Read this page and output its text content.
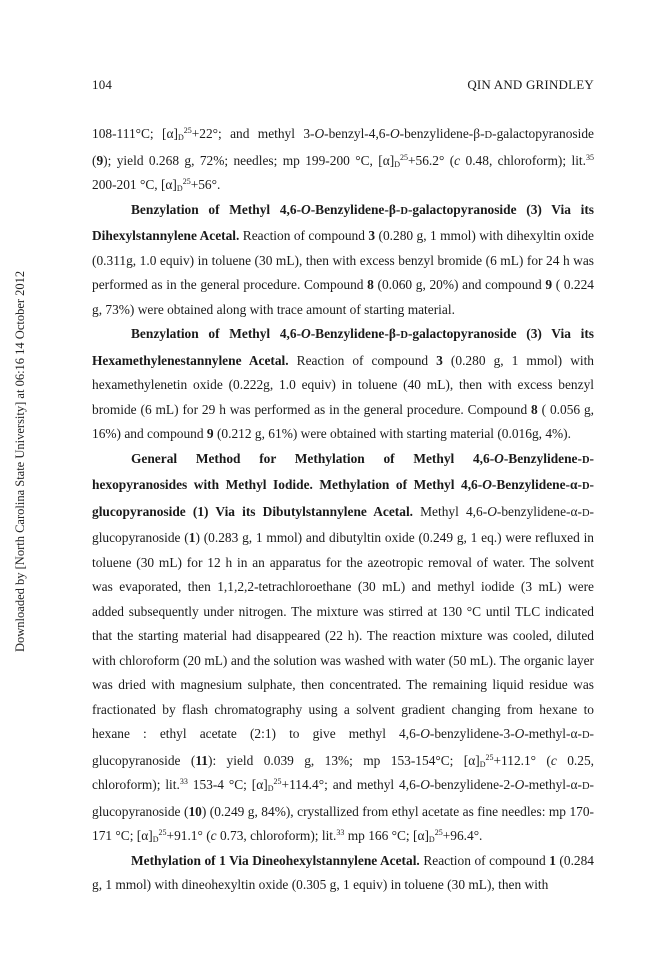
104	QIN AND GRINDLEY
Downloaded by [North Carolina State University] at 06:16 14 October 2012

108-111°C; $[\alpha]_D^{25}+22^\circ$; and methyl 3-O-benzyl-4,6-O-benzylidene-β-D-galactopyranoside (9); yield 0.268 g, 72%; needles; mp 199-200 °C, $[\alpha]_D^{25}+56.2^\circ$ (c 0.48, chloroform); lit.$^{35}$ 200-201 °C, $[\alpha]_D^{25}+56^\circ$.

Benzylation of Methyl 4,6-O-Benzylidene-β-D-galactopyranoside (3) Via its Dihexylstannylene Acetal. Reaction of compound 3 (0.280 g, 1 mmol) with dihexyltin oxide (0.311g, 1.0 equiv) in toluene (30 mL), then with excess benzyl bromide (6 mL) for 24 h was performed as in the general procedure. Compound 8 (0.060 g, 20%) and compound 9 ( 0.224 g, 73%) were obtained along with trace amount of starting material.

Benzylation of Methyl 4,6-O-Benzylidene-β-D-galactopyranoside (3) Via its Hexamethylenestannylene Acetal. Reaction of compound 3 (0.280 g, 1 mmol) with hexamethylenetin oxide (0.222g, 1.0 equiv) in toluene (40 mL), then with excess benzyl bromide (6 mL) for 29 h was performed as in the general procedure. Compound 8 ( 0.056 g, 16%) and compound 9 (0.212 g, 61%) were obtained with starting material (0.016g, 4%).

General Method for Methylation of Methyl 4,6-O-Benzylidene-D-hexopyranosides with Methyl Iodide. Methylation of Methyl 4,6-O-Benzylidene-α-D-glucopyranoside (1) Via its Dibutylstannylene Acetal. Methyl 4,6-O-benzylidene-α-D-glucopyranoside (1) (0.283 g, 1 mmol) and dibutyltin oxide (0.249 g, 1 eq.) were refluxed in toluene (30 mL) for 12 h in an apparatus for the azeotropic removal of water. The solvent was evaporated, then 1,1,2,2-tetrachloroethane (30 mL) and methyl iodide (3 mL) were added subsequently under nitrogen. The mixture was stirred at 130 °C until TLC indicated that the starting material had disappeared (22 h). The reaction mixture was cooled, diluted with chloroform (20 mL) and the solution was washed with water (50 mL). The organic layer was dried with magnesium sulphate, then concentrated. The remaining liquid residue was fractionated by flash chromatography using a solvent gradient changing from hexane to hexane : ethyl acetate (2:1) to give methyl 4,6-O-benzylidene-3-O-methyl-α-D-glucopyranoside (11): yield 0.039 g, 13%; mp 153-154°C; $[\alpha]_D^{25}+112.1^\circ$ (c 0.25, chloroform); lit.$^{33}$ 153-4 °C; $[\alpha]_D^{25}+114.4^\circ$; and methyl 4,6-O-benzylidene-2-O-methyl-α-D-glucopyranoside (10) (0.249 g, 84%), crystallized from ethyl acetate as fine needles: mp 170-171 °C; $[\alpha]_D^{25}+91.1^\circ$ (c 0.73, chloroform); lit.$^{33}$ mp 166 °C; $[\alpha]_D^{25}+96.4^\circ$.

Methylation of 1 Via Dineohexylstannylene Acetal. Reaction of compound 1 (0.284 g, 1 mmol) with dineohexyltin oxide (0.305 g, 1 equiv) in toluene (30 mL), then with
